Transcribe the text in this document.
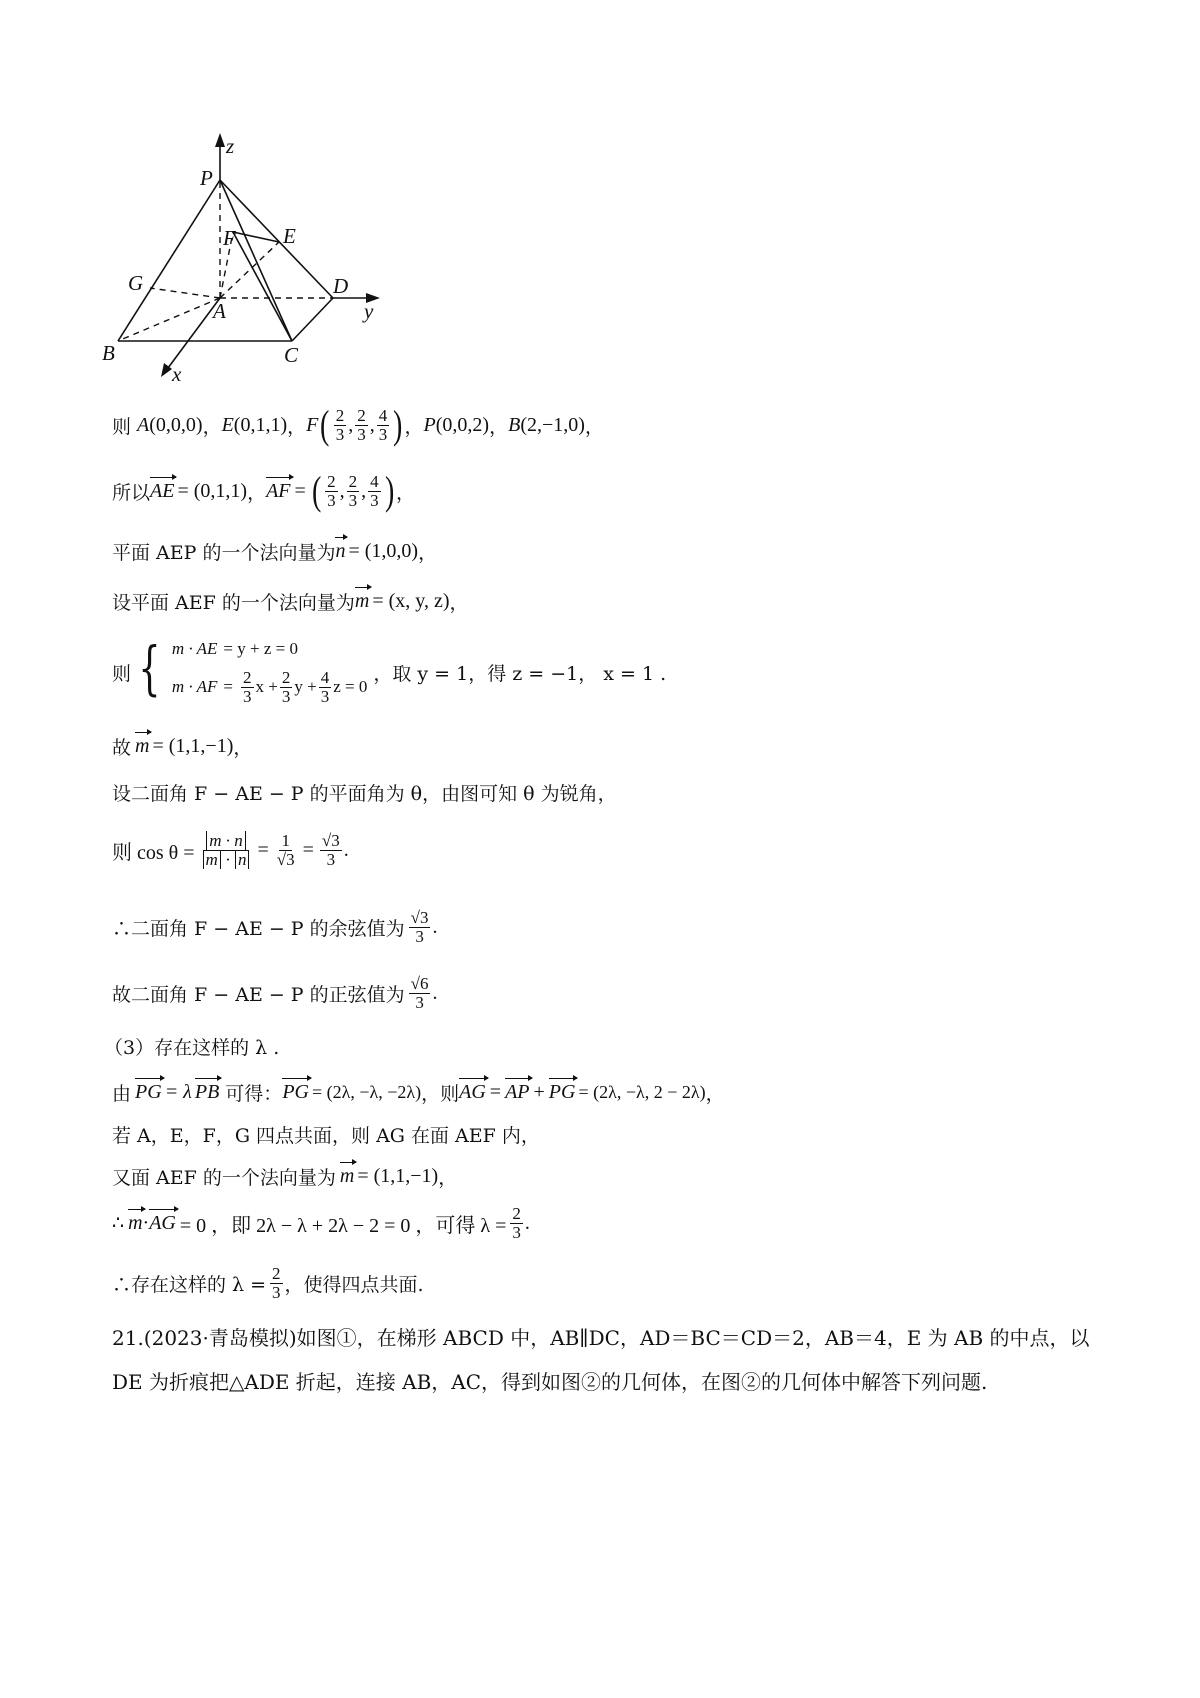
P
z
F E
G
A
D
y
B	C
x
则 A (0,0,0) ， E (0,1,1) ， F ( $\frac{2}{3}$ , $\frac{2}{3}$ , $\frac{4}{3}$ ) ， P (0,0,2) ， B (2,−1,0) ，
所以 AE = (0,1,1) ， AF = ( $\frac{2}{3}$ , $\frac{2}{3}$ , $\frac{4}{3}$ ) ，
平面 AEP 的一个法向量为 n = (1,0,0) ，
设平面 AEF 的一个法向量为 m = (x, y, z) ，
则 { m · AE = y + z = 0
m · AF = $\frac{2}{3}$ $x + \frac{2}{3}$ $y + \frac{4}{3}$ z = 0
，取 y = 1，得 z = −1， x = 1 .
故 m = (1,1,−1) ，
设二面角 F − AE − P 的平面角为 θ，由图可知 θ 为锐角，
则 $\cos \theta = \frac{m \cdot n}{m \cdot n} = \frac{1}{√3} = \frac{√3}{3}$ .
∴二面角 F − AE − P 的余弦值为 $\frac{√3}{3}$ .
故二面角 F − AE − P 的正弦值为 $\frac{√6}{3}$ .
（3）存在这样的 λ .
由 PG = λ PB 可得： PG = (2λ, −λ, −2λ) ，则 AG = AP + PG = (2λ, −λ, 2 − 2λ) ，
若 A，E，F，G 四点共面，则 AG 在面 AEF 内，
又面 AEF 的一个法向量为 m = (1,1,−1) ，
∴ m · AG = 0 ，即 2λ − λ + 2λ − 2 = 0 ，可得 $\lambda = \frac{2}{3}$ .
∴存在这样的 $\lambda = \frac{2}{3}$ ，使得四点共面.
21.(2023·青岛模拟)如图①，在梯形 ABCD 中，AB∥DC，AD＝BC＝CD＝2，AB＝4，E 为 AB 的中点，以
DE 为折痕把△ADE 折起，连接 AB，AC，得到如图②的几何体，在图②的几何体中解答下列问题.
